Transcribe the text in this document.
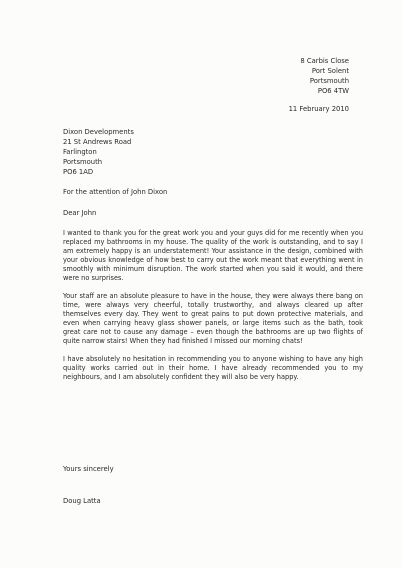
8 Carbis Close
Port Solent
Portsmouth
PO6 4TW
11 February 2010
Dixon Developments
21 St Andrews Road
Farlington
Portsmouth
PO6 1AD
For the attention of John Dixon
Dear John

I wanted to thank you for the great work you and your guys did for me recently when you replaced my bathrooms in my house. The quality of the work is outstanding, and to say I am extremely happy is an understatement! Your assistance in the design, combined with your obvious knowledge of how best to carry out the work meant that everything went in smoothly with minimum disruption. The work started when you said it would, and there were no surprises.

Your staff are an absolute pleasure to have in the house, they were always there bang on time, were always very cheerful, totally trustworthy, and always cleared up after themselves every day. They went to great pains to put down protective materials, and even when carrying heavy glass shower panels, or large items such as the bath, took great care not to cause any damage – even though the bathrooms are up two flights of quite narrow stairs! When they had finished I missed our morning chats!

I have absolutely no hesitation in recommending you to anyone wishing to have any high quality works carried out in their home. I have already recommended you to my neighbours, and I am absolutely confident they will also be very happy.

Yours sincerely
Doug Latta
